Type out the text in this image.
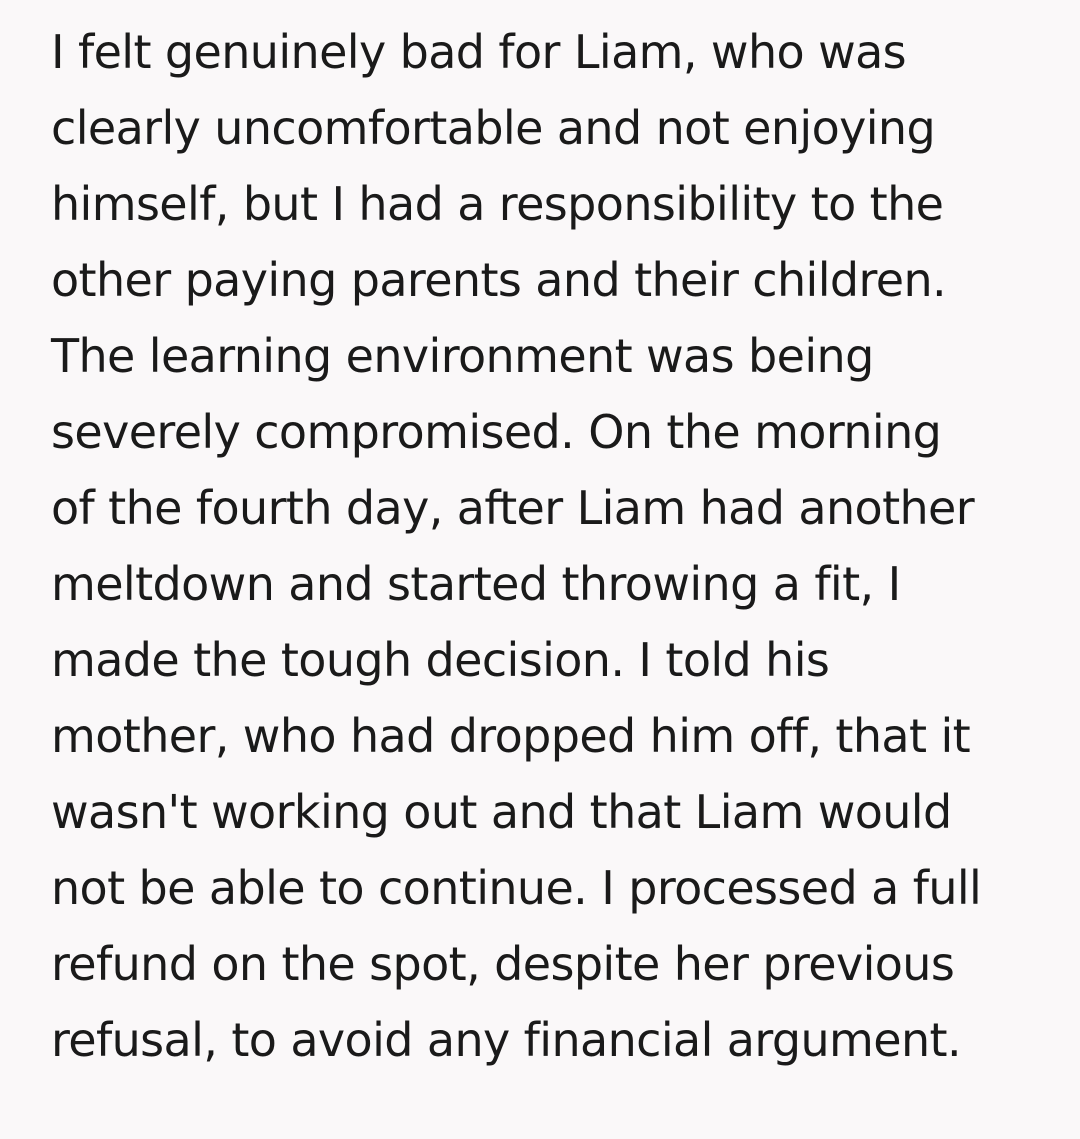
I felt genuinely bad for Liam, who was
clearly uncomfortable and not enjoying
himself, but I had a responsibility to the
other paying parents and their children.
The learning environment was being
severely compromised. On the morning
of the fourth day, after Liam had another
meltdown and started throwing a fit, I
made the tough decision. I told his
mother, who had dropped him off, that it
wasn't working out and that Liam would
not be able to continue. I processed a full
refund on the spot, despite her previous
refusal, to avoid any financial argument.
